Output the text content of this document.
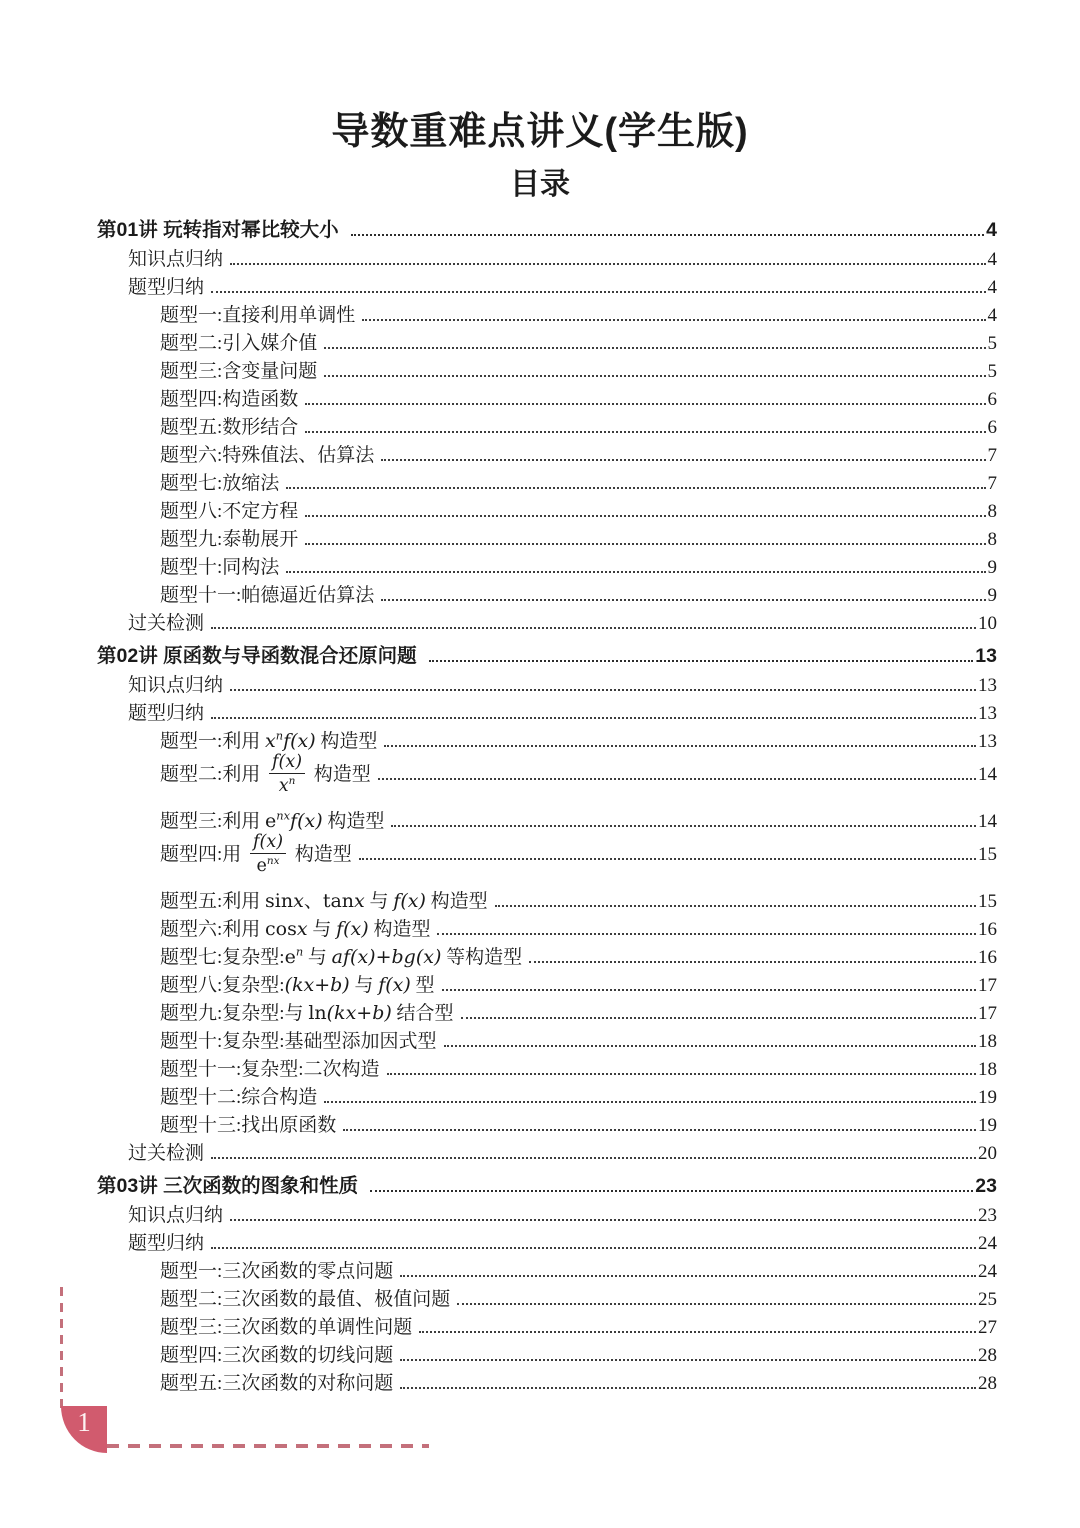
导数重难点讲义(学生版)
目录
第01讲 玩转指对幂比较大小	4
知识点归纳	4
题型归纳	4
题型一:直接利用单调性	4
题型二:引入媒介值	5
题型三:含变量问题	5
题型四:构造函数	6
题型五:数形结合	6
题型六:特殊值法、估算法	7
题型七:放缩法	7
题型八:不定方程	8
题型九:泰勒展开	8
题型十:同构法	9
题型十一:帕德逼近估算法	9
过关检测	10
第02讲 原函数与导函数混合还原问题	13
知识点归纳	13
题型归纳	13
题型一:利用 $x^nf(x)$ 构造型	13
题型二:利用 $\frac{f(x)}{x^n}$ 构造型	14
题型三:利用 $e^{nx}f(x)$ 构造型	14
题型四:用 $\frac{f(x)}{e^{nx}}$ 构造型	15
题型五:利用 sinx、tanx 与 f(x) 构造型	15
题型六:利用 cosx 与 f(x) 构造型	16
题型七:复杂型$:e^n$ 与 af(x)+bg(x) 等构造型	16
题型八:复杂型:(kx+b) 与 f(x) 型	17
题型九:复杂型:与 ln(kx+b) 结合型	17
题型十:复杂型:基础型添加因式型	18
题型十一:复杂型:二次构造	18
题型十二:综合构造	19
题型十三:找出原函数	19
过关检测	20
第03讲 三次函数的图象和性质	23
知识点归纳	23
题型归纳	24
题型一:三次函数的零点问题	24
题型二:三次函数的最值、极值问题	25
题型三:三次函数的单调性问题	27
题型四:三次函数的切线问题	28
题型五:三次函数的对称问题	28
1
